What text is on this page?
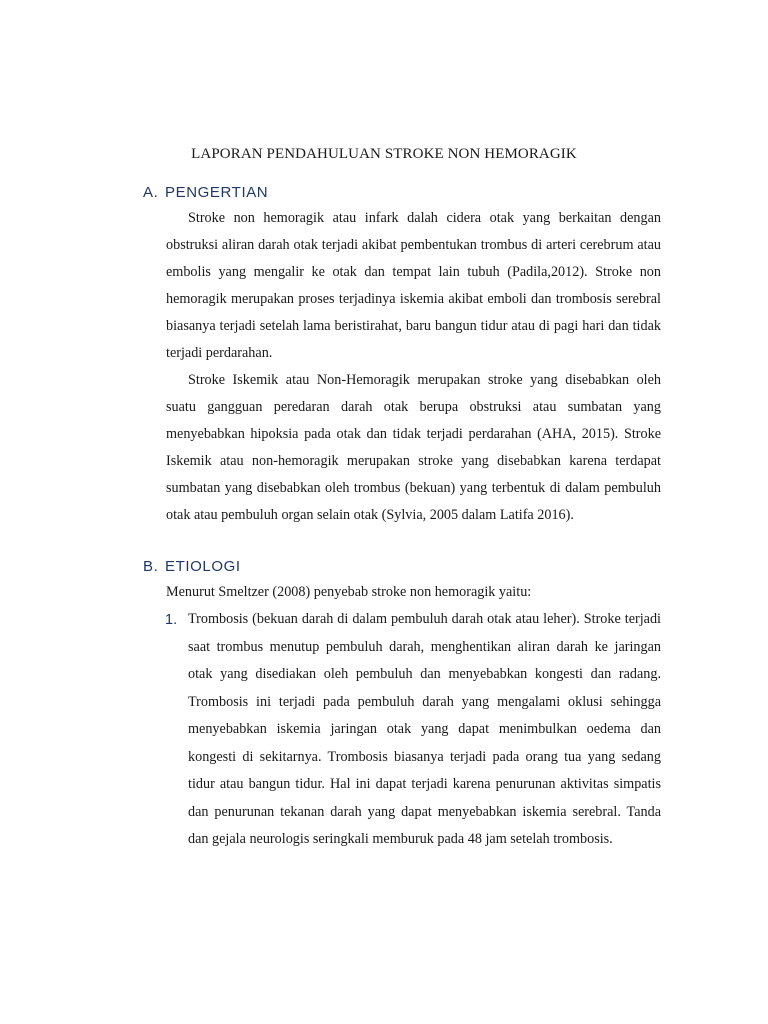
LAPORAN PENDAHULUAN STROKE NON HEMORAGIK
A. PENGERTIAN

Stroke non hemoragik atau infark dalah cidera otak yang berkaitan dengan obstruksi aliran darah otak terjadi akibat pembentukan trombus di arteri cerebrum atau embolis yang mengalir ke otak dan tempat lain tubuh (Padila,2012). Stroke non hemoragik merupakan proses terjadinya iskemia akibat emboli dan trombosis serebral biasanya terjadi setelah lama beristirahat, baru bangun tidur atau di pagi hari dan tidak terjadi perdarahan.

Stroke Iskemik atau Non-Hemoragik merupakan stroke yang disebabkan oleh suatu gangguan peredaran darah otak berupa obstruksi atau sumbatan yang menyebabkan hipoksia pada otak dan tidak terjadi perdarahan (AHA, 2015). Stroke Iskemik atau non-hemoragik merupakan stroke yang disebabkan karena terdapat sumbatan yang disebabkan oleh trombus (bekuan) yang terbentuk di dalam pembuluh otak atau pembuluh organ selain otak (Sylvia, 2005 dalam Latifa 2016).

B. ETIOLOGI

Menurut Smeltzer (2008) penyebab stroke non hemoragik yaitu:

1. Trombosis (bekuan darah di dalam pembuluh darah otak atau leher). Stroke terjadi saat trombus menutup pembuluh darah, menghentikan aliran darah ke jaringan otak yang disediakan oleh pembuluh dan menyebabkan kongesti dan radang. Trombosis ini terjadi pada pembuluh darah yang mengalami oklusi sehingga menyebabkan iskemia jaringan otak yang dapat menimbulkan oedema dan kongesti di sekitarnya. Trombosis biasanya terjadi pada orang tua yang sedang tidur atau bangun tidur. Hal ini dapat terjadi karena penurunan aktivitas simpatis dan penurunan tekanan darah yang dapat menyebabkan iskemia serebral. Tanda dan gejala neurologis seringkali memburuk pada 48 jam setelah trombosis.
